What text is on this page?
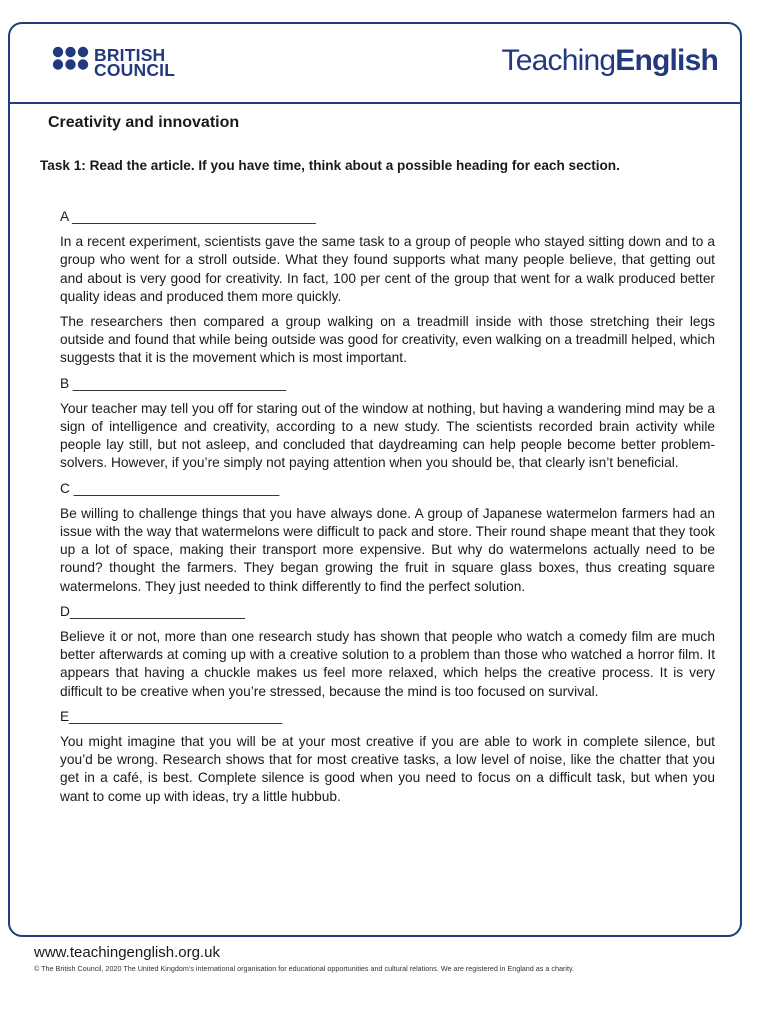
BRITISH
COUNCIL	TeachingEnglish
Creativity and innovation

Task 1: Read the article. If you have time, think about a possible heading for each section.

A ________________________________

In a recent experiment, scientists gave the same task to a group of people who stayed sitting down and to a group who went for a stroll outside. What they found supports what many people believe, that getting out and about is very good for creativity. In fact, 100 per cent of the group that went for a walk produced better quality ideas and produced them more quickly.

The researchers then compared a group walking on a treadmill inside with those stretching their legs outside and found that while being outside was good for creativity, even walking on a treadmill helped, which suggests that it is the movement which is most important.

B ____________________________

Your teacher may tell you off for staring out of the window at nothing, but having a wandering mind may be a sign of intelligence and creativity, according to a new study. The scientists recorded brain activity while people lay still, but not asleep, and concluded that daydreaming can help people become better problem-solvers. However, if you’re simply not paying attention when you should be, that clearly isn’t beneficial.

C ___________________________

Be willing to challenge things that you have always done. A group of Japanese watermelon farmers had an issue with the way that watermelons were difficult to pack and store. Their round shape meant that they took up a lot of space, making their transport more expensive. But why do watermelons actually need to be round? thought the farmers. They began growing the fruit in square glass boxes, thus creating square watermelons. They just needed to think differently to find the perfect solution.

D_______________________

Believe it or not, more than one research study has shown that people who watch a comedy film are much better afterwards at coming up with a creative solution to a problem than those who watched a horror film. It appears that having a chuckle makes us feel more relaxed, which helps the creative process. It is very difficult to be creative when you’re stressed, because the mind is too focused on survival.

E____________________________

You might imagine that you will be at your most creative if you are able to work in complete silence, but you’d be wrong. Research shows that for most creative tasks, a low level of noise, like the chatter that you get in a café, is best. Complete silence is good when you need to focus on a difficult task, but when you want to come up with ideas, try a little hubbub.

www.teachingenglish.org.uk
© The British Council, 2020 The United Kingdom’s international organisation for educational opportunities and cultural relations. We are registered in England as a charity.
